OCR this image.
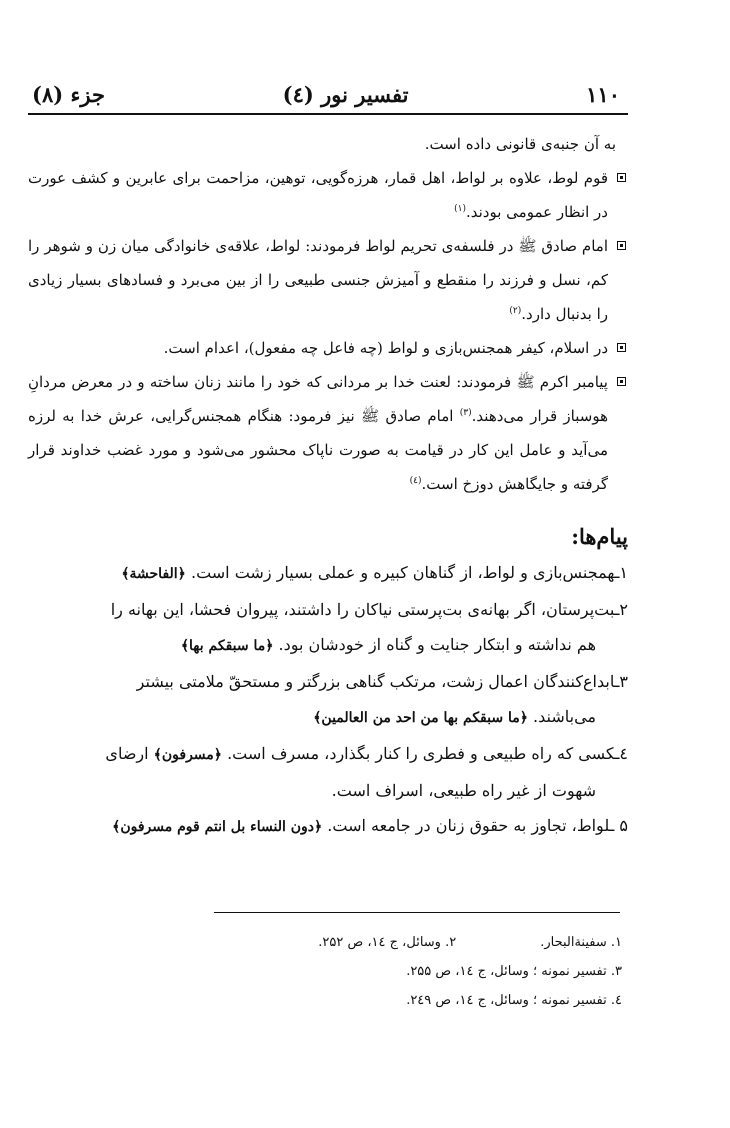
۱۱۰
تفسیر نور (٤)
جزء (٨)

به آن جنبه‌ی قانونی داده است.

قوم لوط، علاوه بر لواط، اهل قمار، هرزه‌گویی، توهین، مزاحمت برای عابرین و کشف عورت در انظار عمومی بودند.$^{(۱)}$

امام صادق ﷺ در فلسفه‌ی تحریم لواط فرمودند: لواط، علاقه‌ی خانوادگی میان زن و شوهر را کم، نسل و فرزند را منقطع و آمیزش جنسی طبیعی را از بین می‌برد و فسادهای بسیار زیادی را بدنبال دارد.$^{(۲)}$

در اسلام، کیفر همجنس‌بازی و لواط (چه فاعل چه مفعول)، اعدام است.

پیامبر اکرم ﷺ فرمودند: لعنت خدا بر مردانی که خود را مانند زنان ساخته و در معرض مردانِ هوسباز قرار می‌دهند.$^{(۳)}$ امام صادق ﷺ نیز فرمود: هنگام همجنس‌گرایی، عرش خدا به لرزه می‌آید و عامل این کار در قیامت به صورت ناپاک محشور می‌شود و مورد غضب خداوند قرار گرفته و جایگاهش دوزخ است.$^{(٤)}$

پیام‌ها:
۱ـهمجنس‌بازی و لواط، از گناهان کبیره و عملی بسیار زشت است. ﴿الفاحشة﴾
۲ـبت‌پرستان، اگر بهانه‌ی بت‌پرستی نیاکان را داشتند، پیروان فحشا، این بهانه را
هم نداشته و ابتکار جنایت و گناه از خودشان بود. ﴿ما سبقکم بها﴾
۳ـابداع‌کنندگان اعمال زشت، مرتکب گناهی بزرگتر و مستحقّ ملامتی بیشتر
می‌باشند. ﴿ما سبقکم بها من احد من العالمین﴾
٤ـکسی که راه طبیعی و فطری را کنار بگذارد، مسرف است. ﴿مسرفون﴾ ارضای
شهوت از غیر راه طبیعی، اسراف است.
۵ ـلواط، تجاوز به حقوق زنان در جامعه است. ﴿دون النساء بل انتم قوم مسرفون﴾
۱. سفینةالبحار.۲. وسائل، ج ١٤، ص ۲۵۲.
۳. تفسیر نمونه ؛ وسائل، ج ١٤، ص ۲۵۵.
٤. تفسیر نمونه ؛ وسائل، ج ١٤، ص ۲٤۹.
